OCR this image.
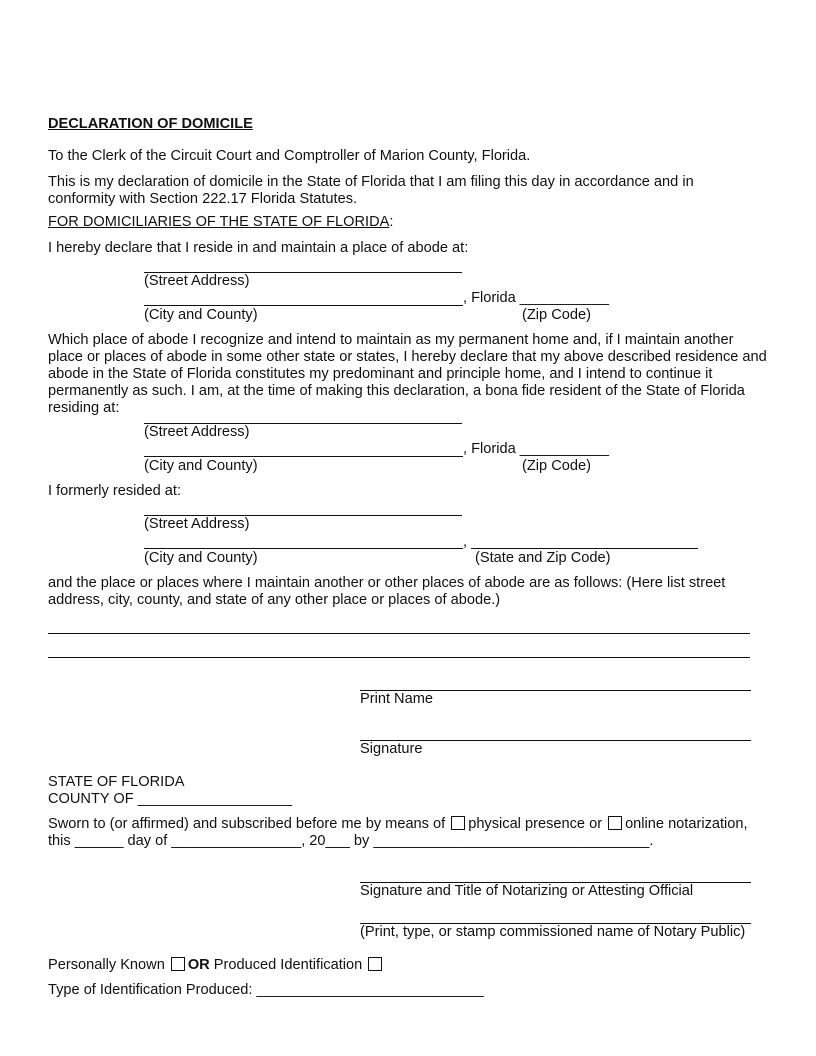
DECLARATION OF DOMICILE
To the Clerk of the Circuit Court and Comptroller of Marion County, Florida.
This is my declaration of domicile in the State of Florida that I am filing this day in accordance and in conformity with Section 222.17 Florida Statutes.
FOR DOMICILIARIES OF THE STATE OF FLORIDA:
I hereby declare that I reside in and maintain a place of abode at:
(Street Address)
, Florida ___________
(City and County)	(Zip Code)
Which place of abode I recognize and intend to maintain as my permanent home and, if I maintain another place or places of abode in some other state or states, I hereby declare that my above described residence and abode in the State of Florida constitutes my predominant and principle home, and I intend to continue it permanently as such. I am, at the time of making this declaration, a bona fide resident of the State of Florida residing at:
(Street Address)
, Florida ___________
(City and County)	(Zip Code)
I formerly resided at:
(Street Address)
,
(City and County)	(State and Zip Code)
and the place or places where I maintain another or other places of abode are as follows: (Here list street address, city, county, and state of any other place or places of abode.)
Print Name
Signature
STATE OF FLORIDA
COUNTY OF ___________________
Sworn to (or affirmed) and subscribed before me by means of physical presence or online notarization,
this ______ day of ________________, 20___ by __________________________________.
Signature and Title of Notarizing or Attesting Official
(Print, type, or stamp commissioned name of Notary Public)
Personally Known OR Produced Identification
Type of Identification Produced: ____________________________
